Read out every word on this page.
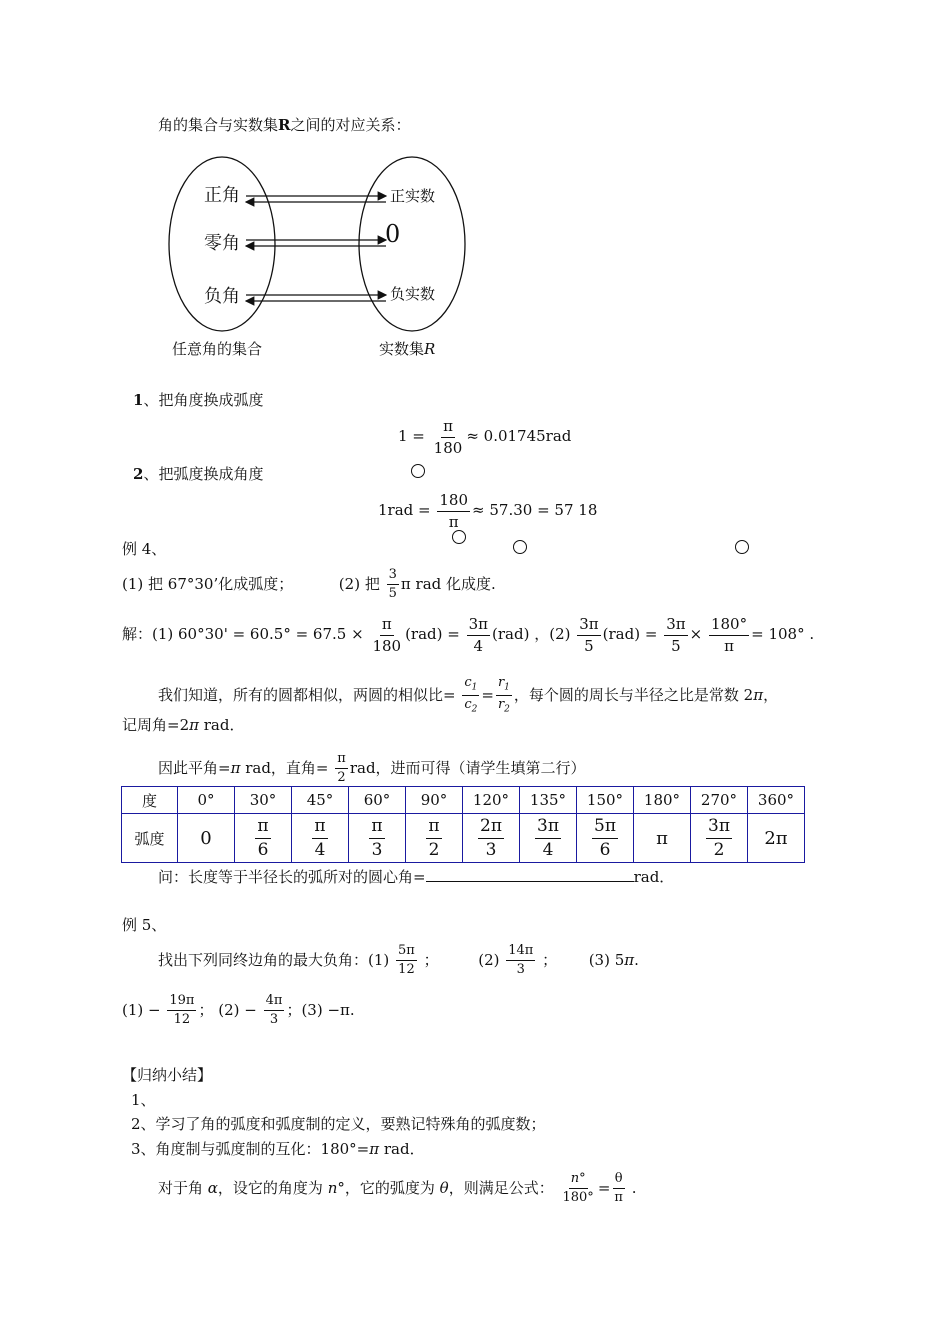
角的集合与实数集R之间的对应关系：
正角
零角
负角
正实数
0
负实数
任意角的集合	实数集R
1、把角度换成弧度
$1 = \frac{\pi}{180} \approx 0.01745rad$
2、把弧度换成角度
$1rad = \frac{180}{\pi} \approx 57.30 = 57$ 18
例 4、
(1) 把 67°30’化成弧度；	(2) 把 $\frac{3}{5}$ π rad 化成度.
解：(1) $60^\circ 30' = 60.5^\circ = 67.5 \times \frac{\pi}{180} (rad) = \frac{3\pi}{4} (rad)$ ，$(2) \frac{3\pi}{5} (rad) = \frac{3\pi}{5} \times \frac{180^\circ}{\pi} = 108^\circ$ .
我们知道，所有的圆都相似，两圆的相似比= $\frac{c_1}{c_2} = \frac{r_1}{r_2}$ ，每个圆的周长与半径之比是常数 2π，
记周角=2π rad．
因此平角=π rad，直角= $\frac{\pi}{2}$ rad，进而可得（请学生填第二行）
度	0°	30°	45°	60°	90°	120°	135°	150°	180°	270°	360°
弧度	0	$\frac{\pi}{6}$	$\frac{\pi}{4}$	$\frac{\pi}{3}$	$\frac{\pi}{2}$	$\frac{2\pi}{3}$	$\frac{3\pi}{4}$	$\frac{5\pi}{6}$	π	$\frac{3\pi}{2}$	2π
问：长度等于半径长的弧所对的圆心角=	rad．
例 5、
找出下列同终边角的最大负角：$(1) \frac{5\pi}{12}$ ；	$(2) \frac{14\pi}{3}$ ； (3) 5π.
$(1) - \frac{19\pi}{12}$ ； $(2) - \frac{4\pi}{3}$ ；(3) −π.
【归纳小结】
1、
2、学习了角的弧度和弧度制的定义，要熟记特殊角的弧度数；
3、角度制与弧度制的互化：180°=π rad．
对于角 α，设它的角度为 n°，它的弧度为 θ，则满足公式： $\frac{n^\circ}{180^\circ} = \frac{\theta}{\pi}$ .
